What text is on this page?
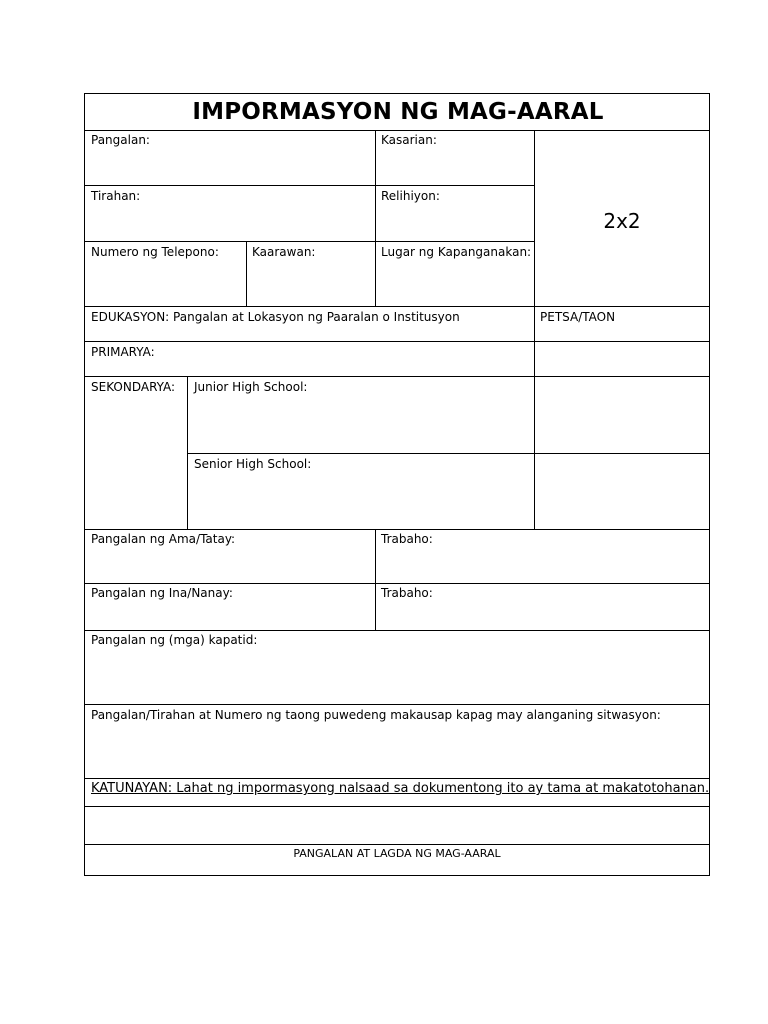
IMPORMASYON NG MAG-AARAL
Pangalan:	Kasarian:
Tirahan:	Relihiyon:
Numero ng Telepono:	Kaarawan:	Lugar ng Kapanganakan:
2x2
EDUKASYON: Pangalan at Lokasyon ng Paaralan o Institusyon	PETSA/TAON
PRIMARYA:
SEKONDARYA: Junior High School:
Senior High School:
Pangalan ng Ama/Tatay:	Trabaho:
Pangalan ng Ina/Nanay:	Trabaho:
Pangalan ng (mga) kapatid:
Pangalan/Tirahan at Numero ng taong puwedeng makausap kapag may alanganing sitwasyon:
KATUNAYAN: Lahat ng impormasyong nalsaad sa dokumentong ito ay tama at makatotohanan.
PANGALAN AT LAGDA NG MAG-AARAL
